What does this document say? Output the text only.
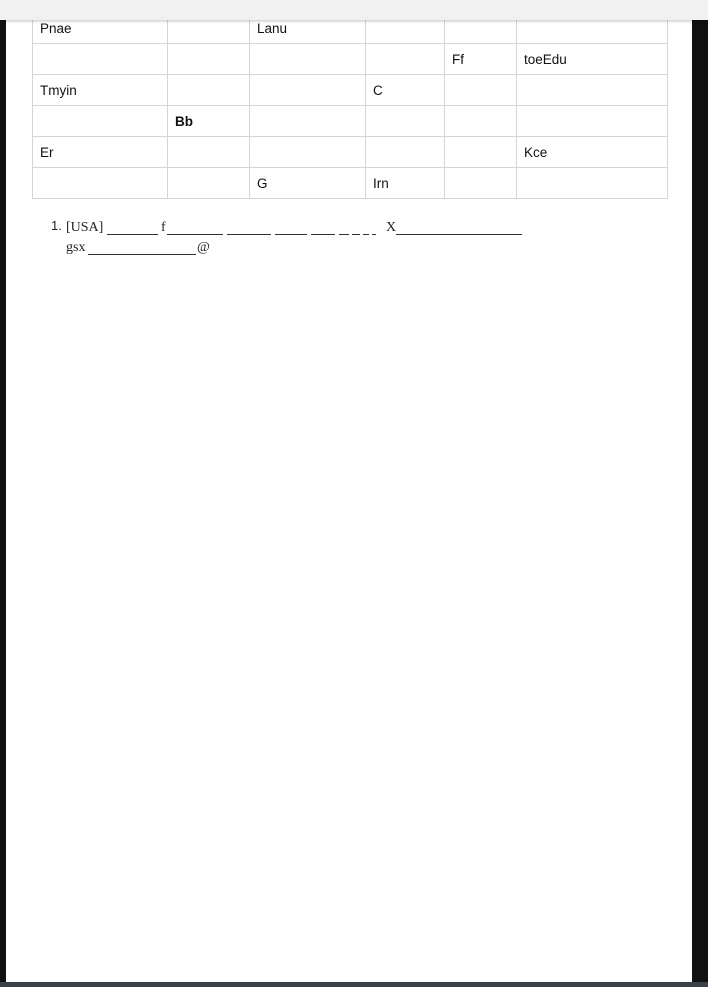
Pnae		Lanu			
				Ff	toeEdu
Tmyin			C		
	Bb				
Er					Kce
		G	Irn		
1. [USA]	f	X
gsx	@
